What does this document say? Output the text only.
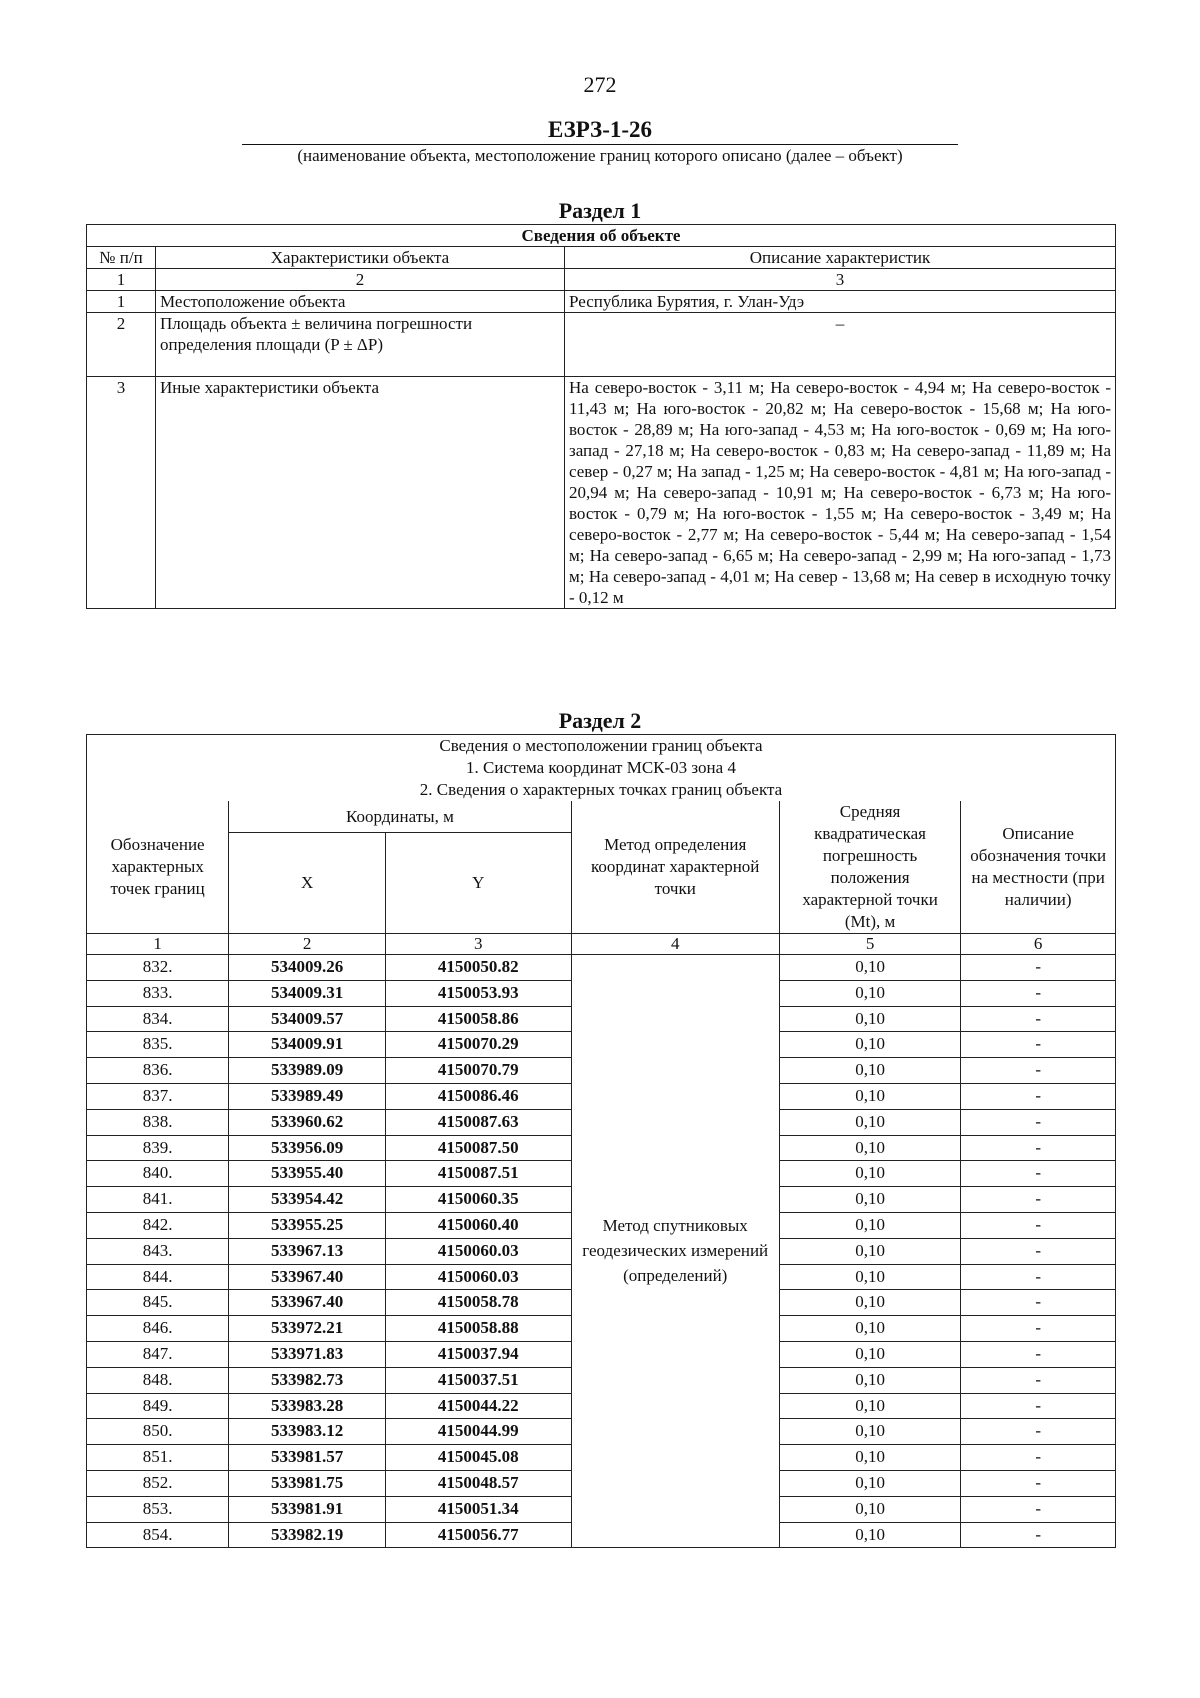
272
ЕЗРЗ-1-26
(наименование объекта, местоположение границ которого описано (далее – объект)
Раздел 1
Сведения об объекте		
№ п/п	Характеристики объекта	Описание характеристик
1	2	3
1	Местоположение объекта	Республика Бурятия, г. Улан-Удэ
2	Площадь объекта ± величина погрешности определения площади (P ± ΔP)	–
3	Иные характеристики объекта	На северо-восток - 3,11 м; На северо-восток - 4,94 м; На северо-восток - 11,43 м; На юго-восток - 20,82 м; На северо-восток - 15,68 м; На юго-восток - 28,89 м; На юго-запад - 4,53 м; На юго-восток - 0,69 м; На юго-запад - 27,18 м; На северо-восток - 0,83 м; На северо-запад - 11,89 м; На север - 0,27 м; На запад - 1,25 м; На северо-восток - 4,81 м; На юго-запад - 20,94 м; На северо-запад - 10,91 м; На северо-восток - 6,73 м; На юго-восток - 0,79 м; На юго-восток - 1,55 м; На северо-восток - 3,49 м; На северо-восток - 2,77 м; На северо-восток - 5,44 м; На северо-запад - 1,54 м; На северо-запад - 6,65 м; На северо-запад - 2,99 м; На юго-запад - 1,73 м; На северо-запад - 4,01 м; На север - 13,68 м; На север в исходную точку - 0,12 м
Раздел 2
Сведения о местоположении границ объекта					
1. Система координат МСК-03 зона 4					
2. Сведения о характерных точках границ объекта					
Обозначение характерных точек границ	Координаты, м		Метод определения координат характерной точки	Средняя квадратическая погрешность положения характерной точки (Mt), м	Описание обозначения точки на местности (при наличии)
	X	Y			
1	2	3	4	5	6
832.	534009.26	4150050.82	Метод спутниковых геодезических измерений (определений)	0,10	-
833.	534009.31	4150053.93		0,10	-
834.	534009.57	4150058.86		0,10	-
835.	534009.91	4150070.29		0,10	-
836.	533989.09	4150070.79		0,10	-
837.	533989.49	4150086.46		0,10	-
838.	533960.62	4150087.63		0,10	-
839.	533956.09	4150087.50		0,10	-
840.	533955.40	4150087.51		0,10	-
841.	533954.42	4150060.35		0,10	-
842.	533955.25	4150060.40		0,10	-
843.	533967.13	4150060.03		0,10	-
844.	533967.40	4150060.03		0,10	-
845.	533967.40	4150058.78		0,10	-
846.	533972.21	4150058.88		0,10	-
847.	533971.83	4150037.94		0,10	-
848.	533982.73	4150037.51		0,10	-
849.	533983.28	4150044.22		0,10	-
850.	533983.12	4150044.99		0,10	-
851.	533981.57	4150045.08		0,10	-
852.	533981.75	4150048.57		0,10	-
853.	533981.91	4150051.34		0,10	-
854.	533982.19	4150056.77		0,10	-
